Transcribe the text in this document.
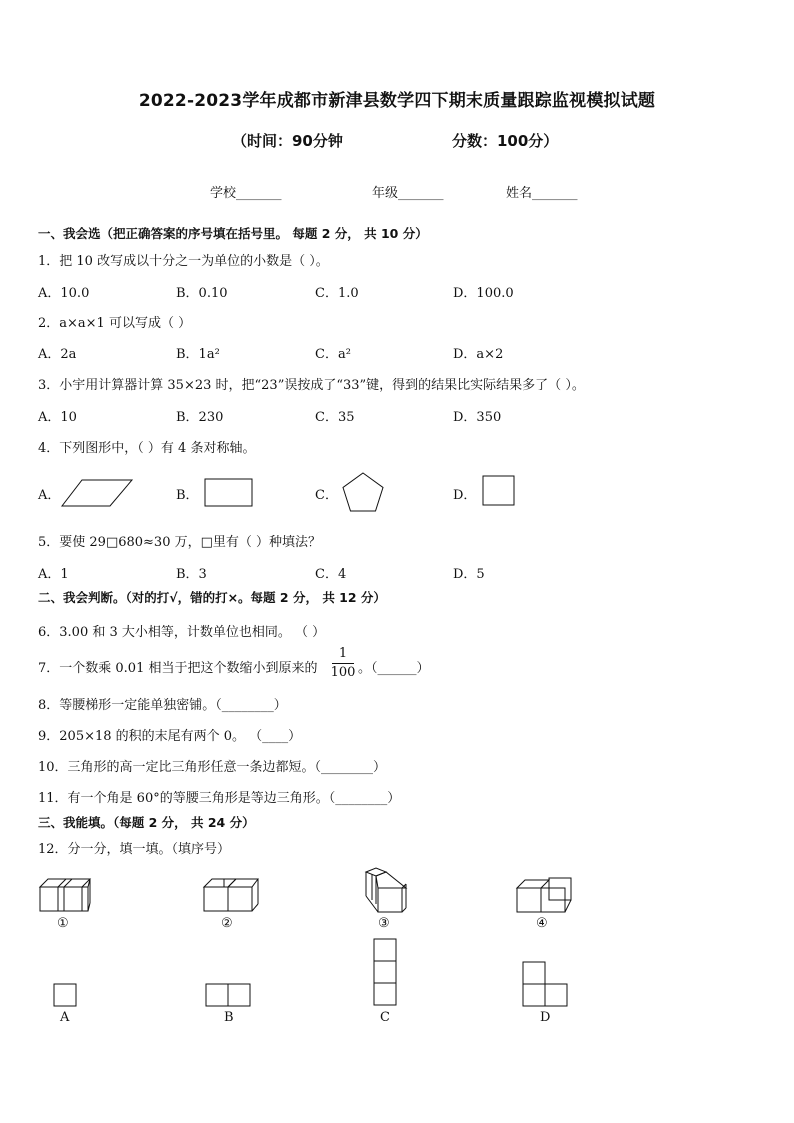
2022-2023学年成都市新津县数学四下期末质量跟踪监视模拟试题
（时间：90分钟	分数：100分）
学校_______	年级_______	姓名_______
一、我会选（把正确答案的序号填在括号里。 每题 2 分， 共 10 分）
1．把 10 改写成以十分之一为单位的小数是（ ）。
A．10.0	B．0.10	C．1.0	D．100.0
2．a×a×1 可以写成（ ）
A．2a	B．1a²	C．a²	D．a×2
3．小宇用计算器计算 35×23 时，把“23”误按成了“33”键，得到的结果比实际结果多了（ ）。
A．10	B．230	C．35	D．350
4．下列图形中，（ ）有 4 条对称轴。
A．	B．	C．	D．
5．要使 29□680≈30 万，□里有（ ）种填法？
A．1	B．3	C．4	D．5
二、我会判断。（对的打√，错的打×。每题 2 分， 共 12 分）
6．3.00 和 3 大小相等，计数单位也相同。 （ ）
7．一个数乘 0.01 相当于把这个数缩小到原来的
1
100 。（______）
8．等腰梯形一定能单独密铺。（________）
9．205×18 的积的末尾有两个 0。 （____）
10．三角形的高一定比三角形任意一条边都短。（________）
11．有一个角是 60°的等腰三角形是等边三角形。（________）
三、我能填。（每题 2 分， 共 24 分）
12．分一分，填一填。（填序号）
①	②	③	④
A	B	C	D
